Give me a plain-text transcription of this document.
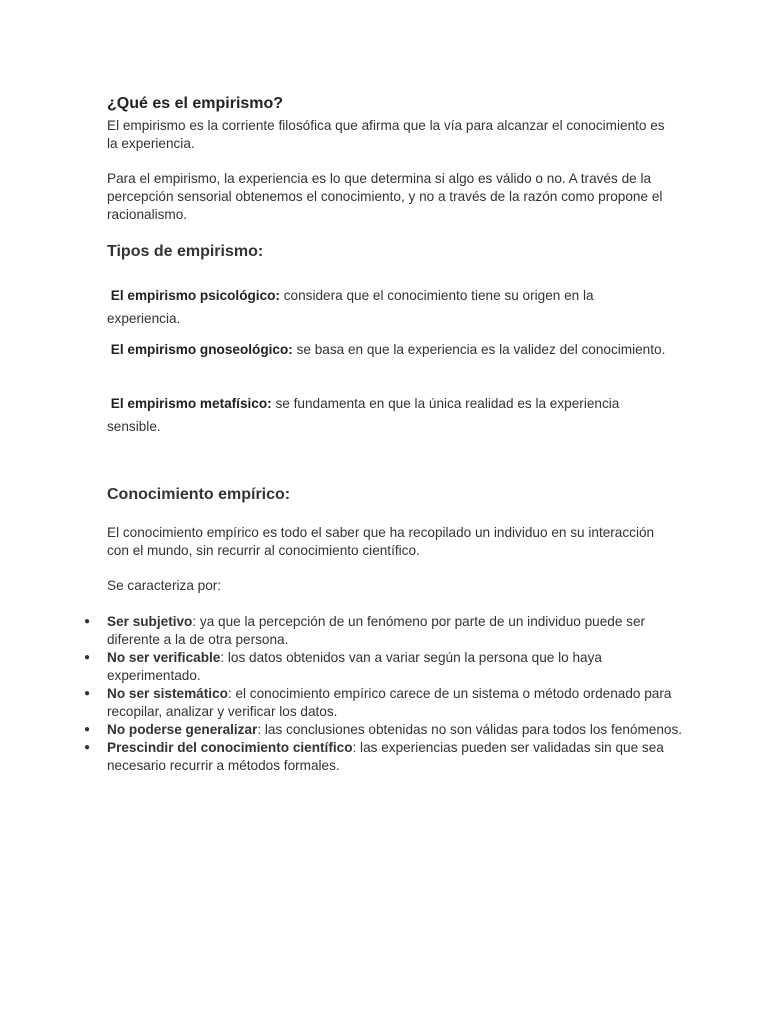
¿Qué es el empirismo?

El empirismo es la corriente filosófica que afirma que la vía para alcanzar el conocimiento es la experiencia.

Para el empirismo, la experiencia es lo que determina si algo es válido o no. A través de la percepción sensorial obtenemos el conocimiento, y no a través de la razón como propone el racionalismo.

Tipos de empirismo:

El empirismo psicológico: considera que el conocimiento tiene su origen en la experiencia.

El empirismo gnoseológico: se basa en que la experiencia es la validez del conocimiento.

El empirismo metafísico: se fundamenta en que la única realidad es la experiencia sensible.

Conocimiento empírico:

El conocimiento empírico es todo el saber que ha recopilado un individuo en su interacción con el mundo, sin recurrir al conocimiento científico.

Se caracteriza por:

● Ser subjetivo: ya que la percepción de un fenómeno por parte de un individuo puede ser diferente a la de otra persona.
● No ser verificable: los datos obtenidos van a variar según la persona que lo haya experimentado.
● No ser sistemático: el conocimiento empírico carece de un sistema o método ordenado para recopilar, analizar y verificar los datos.
● No poderse generalizar: las conclusiones obtenidas no son válidas para todos los fenómenos.
● Prescindir del conocimiento científico: las experiencias pueden ser validadas sin que sea necesario recurrir a métodos formales.
